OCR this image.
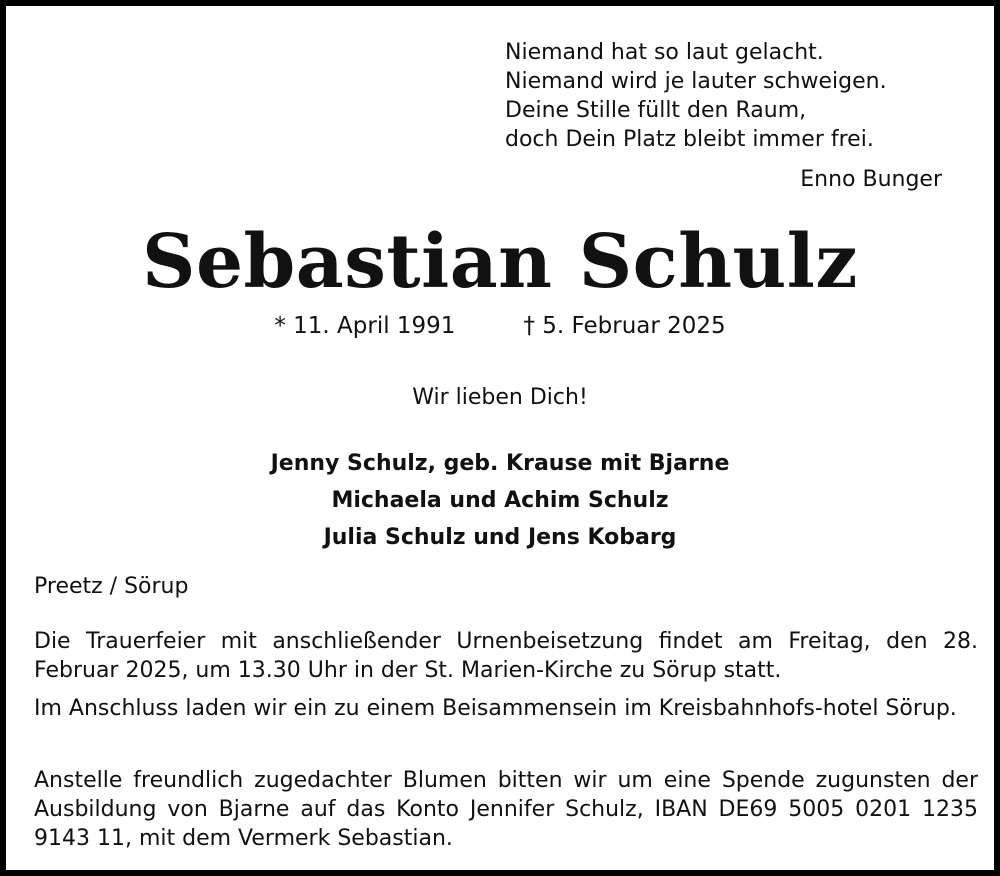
Niemand hat so laut gelacht.
Niemand wird je lauter schweigen.
Deine Stille füllt den Raum,
doch Dein Platz bleibt immer frei.
Enno Bunger
Sebastian Schulz
* 11. April 1991	† 5. Februar 2025
Wir lieben Dich!
Jenny Schulz, geb. Krause mit Bjarne
Michaela und Achim Schulz
Julia Schulz und Jens Kobarg
Preetz / Sörup
Die Trauerfeier mit anschließender Urnenbeisetzung findet am Freitag, den 28. Februar 2025, um 13.30 Uhr in der St. Marien-Kirche zu Sörup statt.
Im Anschluss laden wir ein zu einem Beisammensein im Kreisbahnhofs-hotel Sörup.
Anstelle freundlich zugedachter Blumen bitten wir um eine Spende zugunsten der Ausbildung von Bjarne auf das Konto Jennifer Schulz, IBAN DE69 5005 0201 1235 9143 11, mit dem Vermerk Sebastian.
